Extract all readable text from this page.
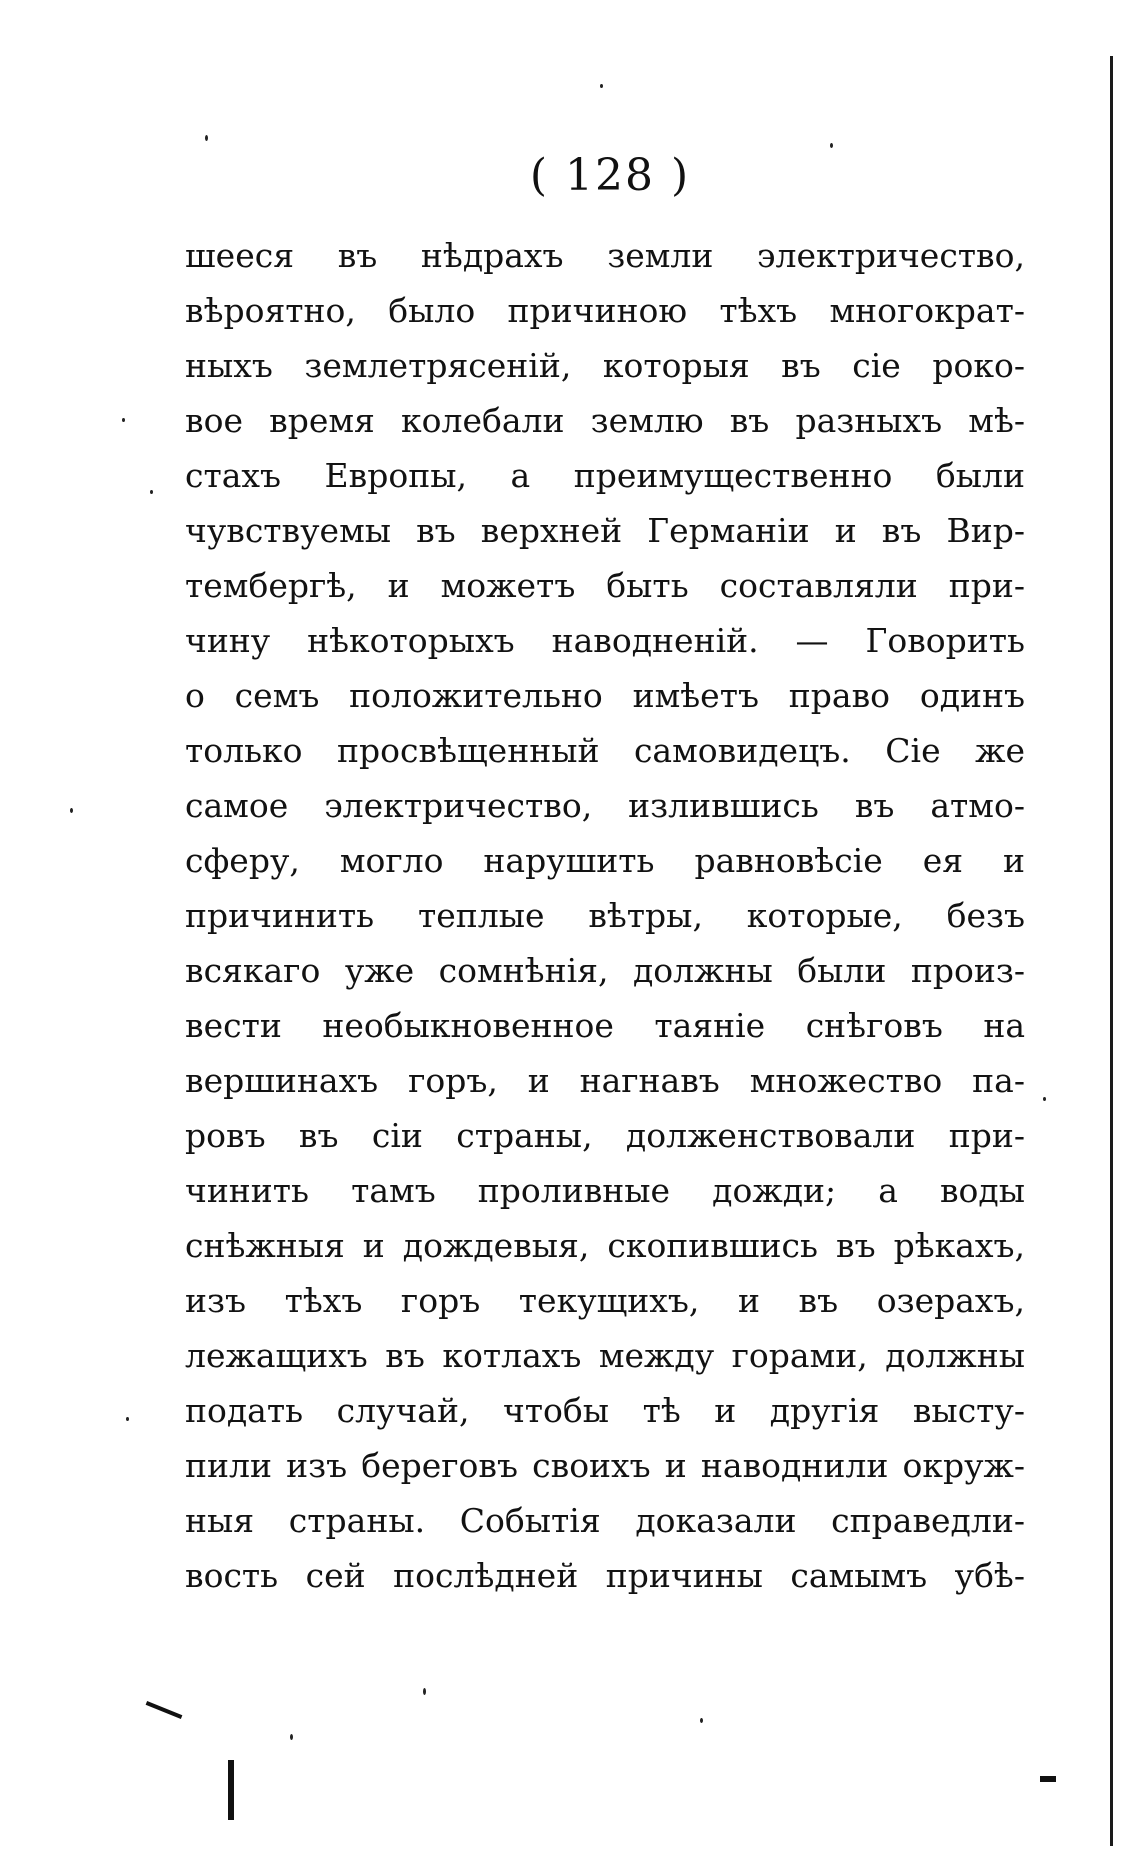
( 128 )
шееся въ нѣдрахъ земли электричество,
вѣроятно, было причиною тѣхъ многократ-
ныхъ землетрясеній, которыя въ сіе роко-
вое время колебали землю въ разныхъ мѣ-
стахъ Европы, а преимущественно были
чувствуемы въ верхней Германіи и въ Вир-
тембергѣ, и можетъ быть составляли при-
чину нѣкоторыхъ наводненій. — Говорить
о семъ положительно имѣетъ право одинъ
только просвѣщенный самовидецъ. Сіе же
самое электричество, излившись въ атмо-
сферу, могло нарушить равновѣсіе ея и
причинить теплые вѣтры, которые, безъ
всякаго уже сомнѣнія, должны были произ-
вести необыкновенное таяніе снѣговъ на
вершинахъ горъ, и нагнавъ множество па-
ровъ въ сіи страны, долженствовали при-
чинить тамъ проливные дожди; а воды
снѣжныя и дождевыя, скопившись въ рѣкахъ,
изъ тѣхъ горъ текущихъ, и въ озерахъ,
лежащихъ въ котлахъ между горами, должны
подать случай, чтобы тѣ и другія высту-
пили изъ береговъ своихъ и наводнили окруж-
ныя страны. Событія доказали справедли-
вость сей послѣдней причины самымъ убѣ-
